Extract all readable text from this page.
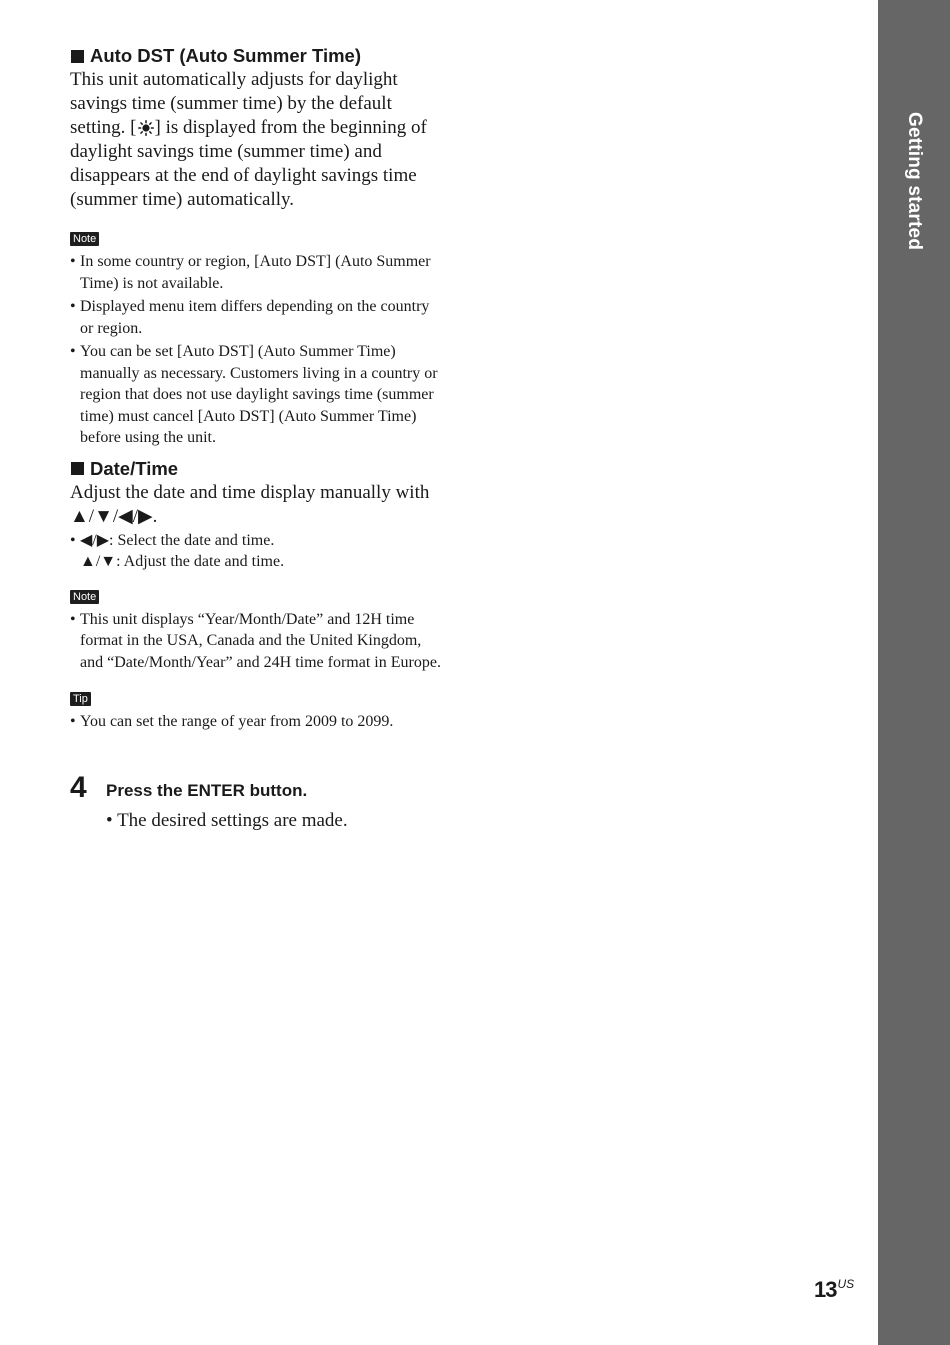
Getting started
Auto DST (Auto Summer Time)

This unit automatically adjusts for daylight savings time (summer time) by the default setting. [ ] is displayed from the beginning of daylight savings time (summer time) and disappears at the end of daylight savings time (summer time) automatically.

Note
• In some country or region, [Auto DST] (Auto Summer Time) is not available.
• Displayed menu item differs depending on the country or region.
• You can be set [Auto DST] (Auto Summer Time) manually as necessary. Customers living in a country or region that does not use daylight savings time (summer time) must cancel [Auto DST] (Auto Summer Time) before using the unit.
Date/Time

Adjust the date and time display manually with ▲/▼/◀/▶.

• ◀/▶: Select the date and time.
▲/▼: Adjust the date and time.
Note
• This unit displays “Year/Month/Date” and 12H time format in the USA, Canada and the United Kingdom, and “Date/Month/Year” and 24H time format in Europe.
Tip
• You can set the range of year from 2009 to 2099.
4 Press the ENTER button.
• The desired settings are made.
$13^{US}$
